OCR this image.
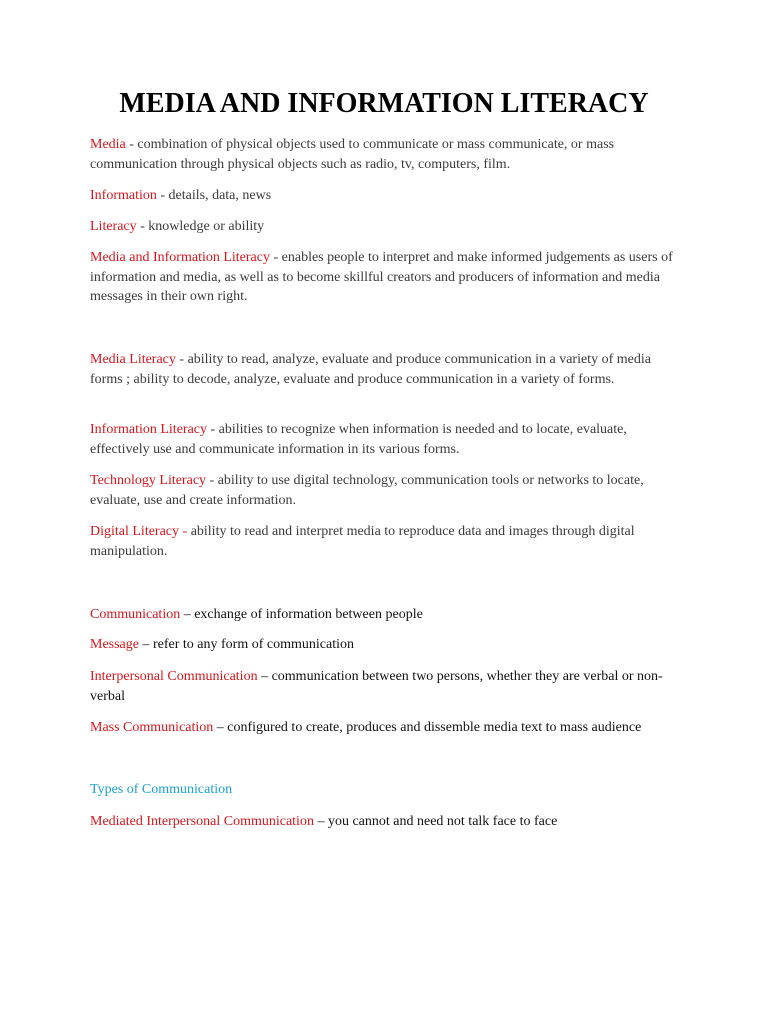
MEDIA AND INFORMATION LITERACY

Media - combination of physical objects used to communicate or mass communicate, or mass communication through physical objects such as radio, tv, computers, film.

Information - details, data, news

Literacy - knowledge or ability

Media and Information Literacy - enables people to interpret and make informed judgements as users of information and media, as well as to become skillful creators and producers of information and media messages in their own right.

Media Literacy - ability to read, analyze, evaluate and produce communication in a variety of media forms ; ability to decode, analyze, evaluate and produce communication in a variety of forms.

Information Literacy - abilities to recognize when information is needed and to locate, evaluate, effectively use and communicate information in its various forms.

Technology Literacy - ability to use digital technology, communication tools or networks to locate, evaluate, use and create information.

Digital Literacy - ability to read and interpret media to reproduce data and images through digital manipulation.

Communication – exchange of information between people

Message – refer to any form of communication

Interpersonal Communication – communication between two persons, whether they are verbal or non-verbal

Mass Communication – configured to create, produces and dissemble media text to mass audience

Types of Communication

Mediated Interpersonal Communication – you cannot and need not talk face to face
